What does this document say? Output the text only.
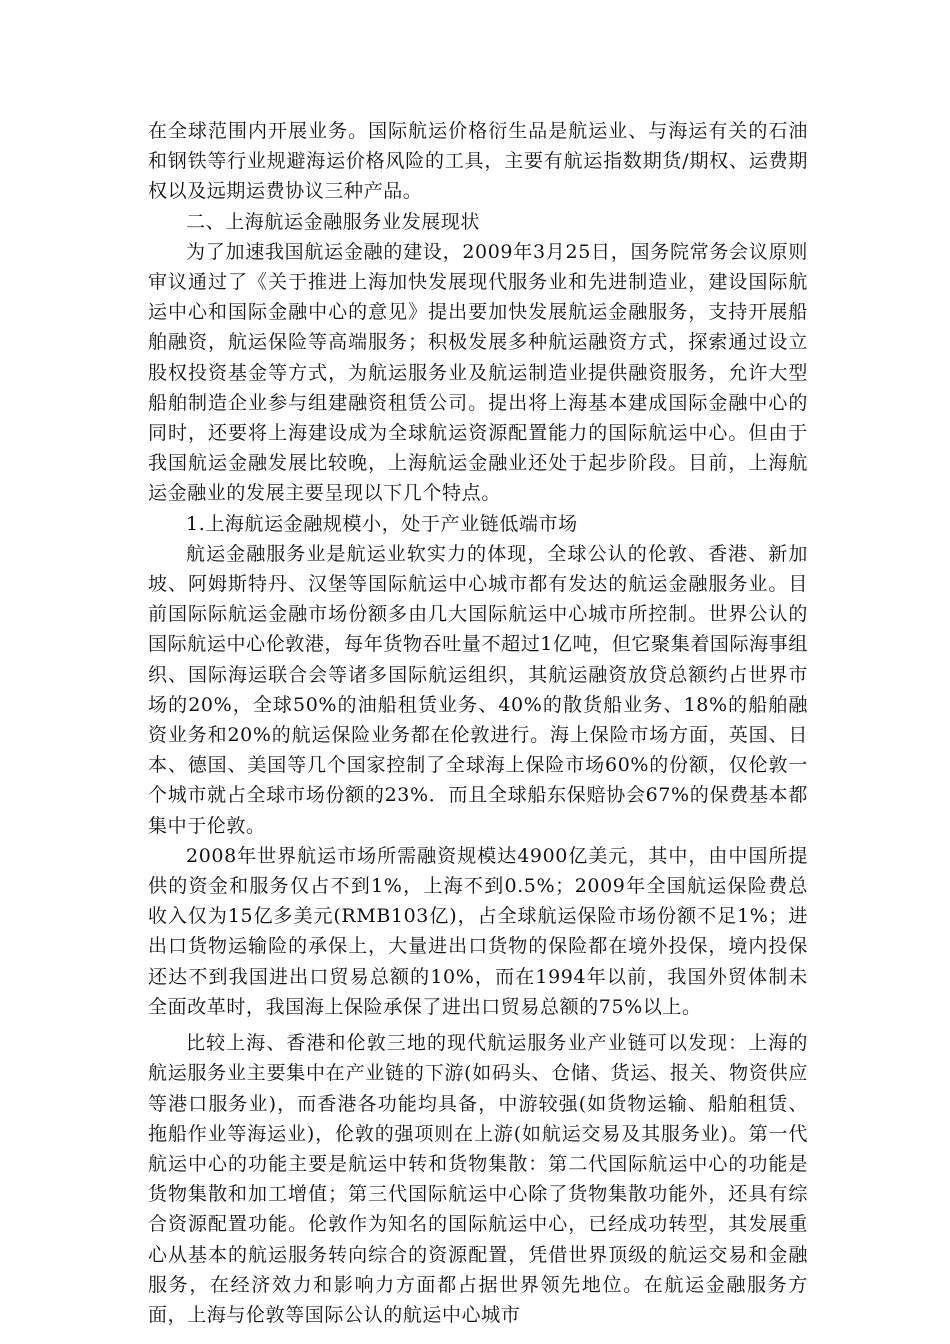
在全球范围内开展业务。国际航运价格衍生品是航运业、与海运有关的石油和钢铁等行业规避海运价格风险的工具，主要有航运指数期货/期权、运费期权以及远期运费协议三种产品。

二、上海航运金融服务业发展现状

为了加速我国航运金融的建设，2009年3月25日，国务院常务会议原则审议通过了《关于推进上海加快发展现代服务业和先进制造业，建设国际航运中心和国际金融中心的意见》提出要加快发展航运金融服务，支持开展船舶融资，航运保险等高端服务；积极发展多种航运融资方式，探索通过设立股权投资基金等方式，为航运服务业及航运制造业提供融资服务，允许大型船舶制造企业参与组建融资租赁公司。提出将上海基本建成国际金融中心的同时，还要将上海建设成为全球航运资源配置能力的国际航运中心。但由于我国航运金融发展比较晚，上海航运金融业还处于起步阶段。目前，上海航运金融业的发展主要呈现以下几个特点。

1.上海航运金融规模小，处于产业链低端市场

航运金融服务业是航运业软实力的体现，全球公认的伦敦、香港、新加坡、阿姆斯特丹、汉堡等国际航运中心城市都有发达的航运金融服务业。目前国际际航运金融市场份额多由几大国际航运中心城市所控制。世界公认的国际航运中心伦敦港，每年货物吞吐量不超过1亿吨，但它聚集着国际海事组织、国际海运联合会等诸多国际航运组织，其航运融资放贷总额约占世界市场的20%，全球50%的油船租赁业务、40%的散货船业务、18%的船舶融资业务和20%的航运保险业务都在伦敦进行。海上保险市场方面，英国、日本、德国、美国等几个国家控制了全球海上保险市场60%的份额，仅伦敦一个城市就占全球市场份额的23%．而且全球船东保赔协会67%的保费基本都集中于伦敦。

2008年世界航运市场所需融资规模达4900亿美元，其中，由中国所提供的资金和服务仅占不到1%，上海不到0.5%；2009年全国航运保险费总收入仅为15亿多美元(RMB103亿)，占全球航运保险市场份额不足1%；进出口货物运输险的承保上，大量进出口货物的保险都在境外投保，境内投保还达不到我国进出口贸易总额的10%，而在1994年以前，我国外贸体制未全面改革时，我国海上保险承保了进出口贸易总额的75%以上。

比较上海、香港和伦敦三地的现代航运服务业产业链可以发现：上海的航运服务业主要集中在产业链的下游(如码头、仓储、货运、报关、物资供应等港口服务业)，而香港各功能均具备，中游较强(如货物运输、船舶租赁、拖船作业等海运业)，伦敦的强项则在上游(如航运交易及其服务业)。第一代航运中心的功能主要是航运中转和货物集散：第二代国际航运中心的功能是货物集散和加工增值；第三代国际航运中心除了货物集散功能外，还具有综合资源配置功能。伦敦作为知名的国际航运中心，已经成功转型，其发展重心从基本的航运服务转向综合的资源配置，凭借世界顶级的航运交易和金融服务，在经济效力和影响力方面都占据世界领先地位。在航运金融服务方面，上海与伦敦等国际公认的航运中心城市
